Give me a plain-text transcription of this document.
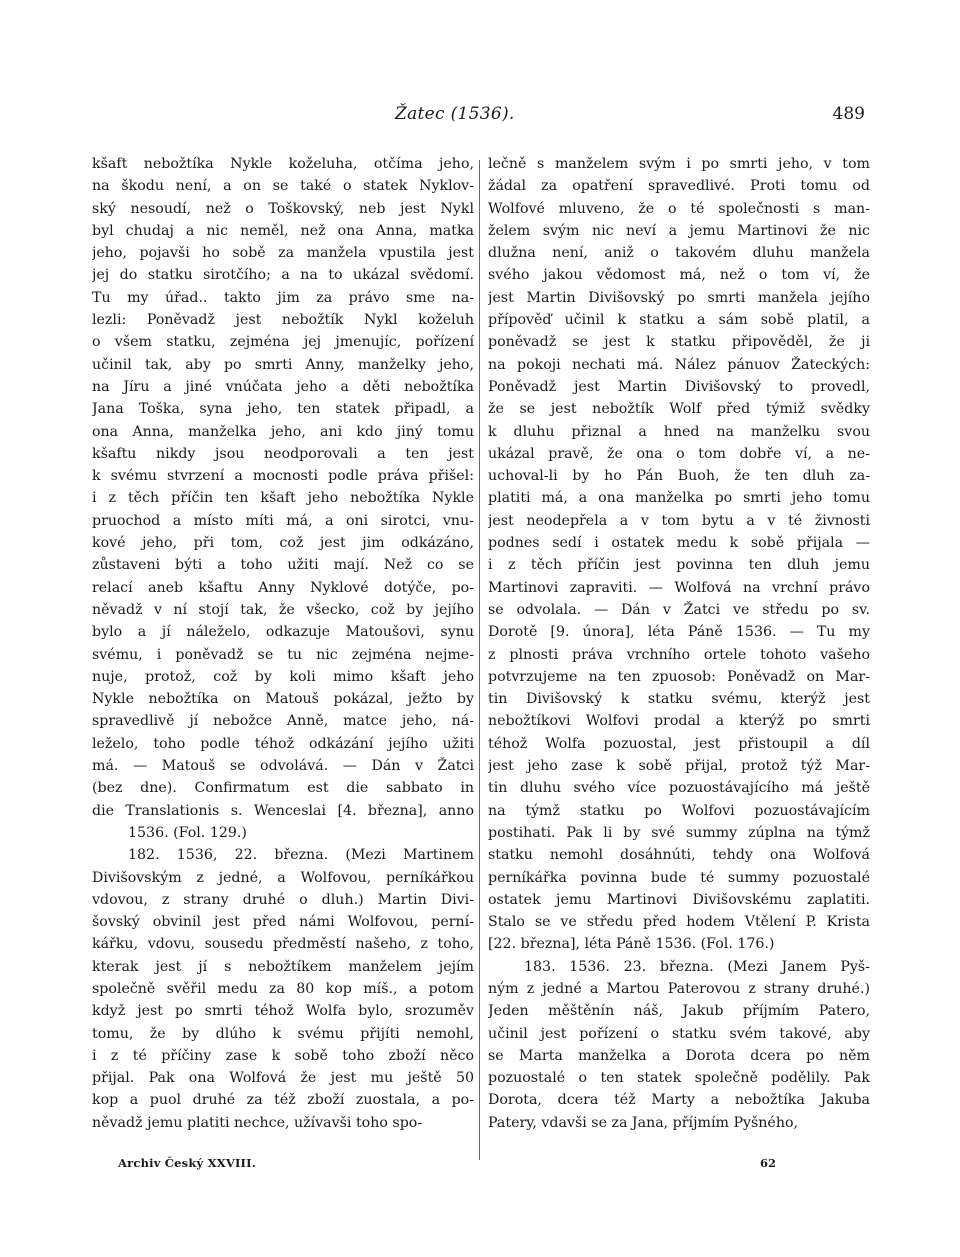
Žatec (1536).	489
kšaft nebožtíka Nykle koželuha, otčíma jeho,
na škodu není, a on se také o statek Nyklov-
ský nesoudí, než o Toškovský, neb jest Nykl
byl chudaj a nic neměl, než ona Anna, matka
jeho, pojavši ho sobě za manžela vpustila jest
jej do statku sirotčího; a na to ukázal svědomí.
Tu my úřad.. takto jim za právo sme na-
lezli: Poněvadž jest nebožtík Nykl koželuh
o všem statku, zejména jej jmenujíc, pořízení
učinil tak, aby po smrti Anny, manželky jeho,
na Jíru a jiné vnúčata jeho a děti nebožtíka
Jana Toška, syna jeho, ten statek připadl, a
ona Anna, manželka jeho, ani kdo jiný tomu
kšaftu nikdy jsou neodporovali a ten jest
k svému stvrzení a mocnosti podle práva přišel:
i z těch příčin ten kšaft jeho nebožtíka Nykle
pruochod a místo míti má, a oni sirotci, vnu-
kové jeho, při tom, což jest jim odkázáno,
zůstaveni býti a toho užiti mají. Než co se
relací aneb kšaftu Anny Nyklové dotýče, po-
něvadž v ní stojí tak, že všecko, což by jejího
bylo a jí náleželo, odkazuje Matoušovi, synu
svému, i poněvadž se tu nic zejména nejme-
nuje, protož, což by koli mimo kšaft jeho
Nykle nebožtíka on Matouš pokázal, ježto by
spravedlivě jí nebožce Anně, matce jeho, ná-
leželo, toho podle téhož odkázání jejího užiti
má. — Matouš se odvolává. — Dán v Žatci
(bez dne). Confirmatum est die sabbato in
die Translationis s. Wenceslai [4. března], anno
1536. (Fol. 129.)
182. 1536, 22. března. (Mezi Martinem
Divišovským z jedné, a Wolfovou, perníkářkou
vdovou, z strany druhé o dluh.) Martin Divi-
šovský obvinil jest před námi Wolfovou, perní-
kářku, vdovu, sousedu předměstí našeho, z toho,
kterak jest jí s nebožtíkem manželem jejím
společně svěřil medu za 80 kop míš., a potom
když jest po smrti téhož Wolfa bylo, srozuměv
tomu, že by dlúho k svému přijíti nemohl,
i z té příčiny zase k sobě toho zboží něco
přijal. Pak ona Wolfová že jest mu ještě 50
kop a puol druhé za též zboží zuostala, a po-
něvadž jemu platiti nechce, užívavši toho spo-
lečně s manželem svým i po smrti jeho, v tom
žádal za opatření spravedlivé. Proti tomu od
Wolfové mluveno, že o té společnosti s man-
želem svým nic neví a jemu Martinovi že nic
dlužna není, aniž o takovém dluhu manžela
svého jakou vědomost má, než o tom ví, že
jest Martin Divišovský po smrti manžela jejího
přípověď učinil k statku a sám sobě platil, a
poněvadž se jest k statku připověděl, že ji
na pokoji nechati má. Nález pánuov Žateckých:
Poněvadž jest Martin Divišovský to provedl,
že se jest nebožtík Wolf před týmiž svědky
k dluhu přiznal a hned na manželku svou
ukázal pravě, že ona o tom dobře ví, a ne-
uchoval-li by ho Pán Buoh, že ten dluh za-
platiti má, a ona manželka po smrti jeho tomu
jest neodepřela a v tom bytu a v té živnosti
podnes sedí i ostatek medu k sobě přijala —
i z těch příčin jest povinna ten dluh jemu
Martinovi zapraviti. — Wolfová na vrchní právo
se odvolala. — Dán v Žatci ve středu po sv.
Dorotě [9. února], léta Páně 1536. — Tu my
z plnosti práva vrchního ortele tohoto vašeho
potvrzujeme na ten zpuosob: Poněvadž on Mar-
tin Divišovský k statku svému, kterýž jest
nebožtíkovi Wolfovi prodal a kterýž po smrti
téhož Wolfa pozuostal, jest přistoupil a díl
jest jeho zase k sobě přijal, protož týž Mar-
tin dluhu svého více pozuostávajícího má ještě
na týmž statku po Wolfovi pozuostávajícím
postihati. Pak li by své summy zúplna na týmž
statku nemohl dosáhnúti, tehdy ona Wolfová
perníkářka povinna bude té summy pozuostalé
ostatek jemu Martinovi Divišovskému zaplatiti.
Stalo se ve středu před hodem Vtělení P. Krista
[22. března], léta Páně 1536. (Fol. 176.)
183. 1536. 23. března. (Mezi Janem Pyš-
ným z jedné a Martou Paterovou z strany druhé.)
Jeden měštěnín náš, Jakub příjmím Patero,
učinil jest pořízení o statku svém takové, aby
se Marta manželka a Dorota dcera po něm
pozuostalé o ten statek společně podělily. Pak
Dorota, dcera též Marty a nebožtíka Jakuba
Patery, vdavši se za Jana, příjmím Pyšného,
Archiv Český XXVIII.	62
